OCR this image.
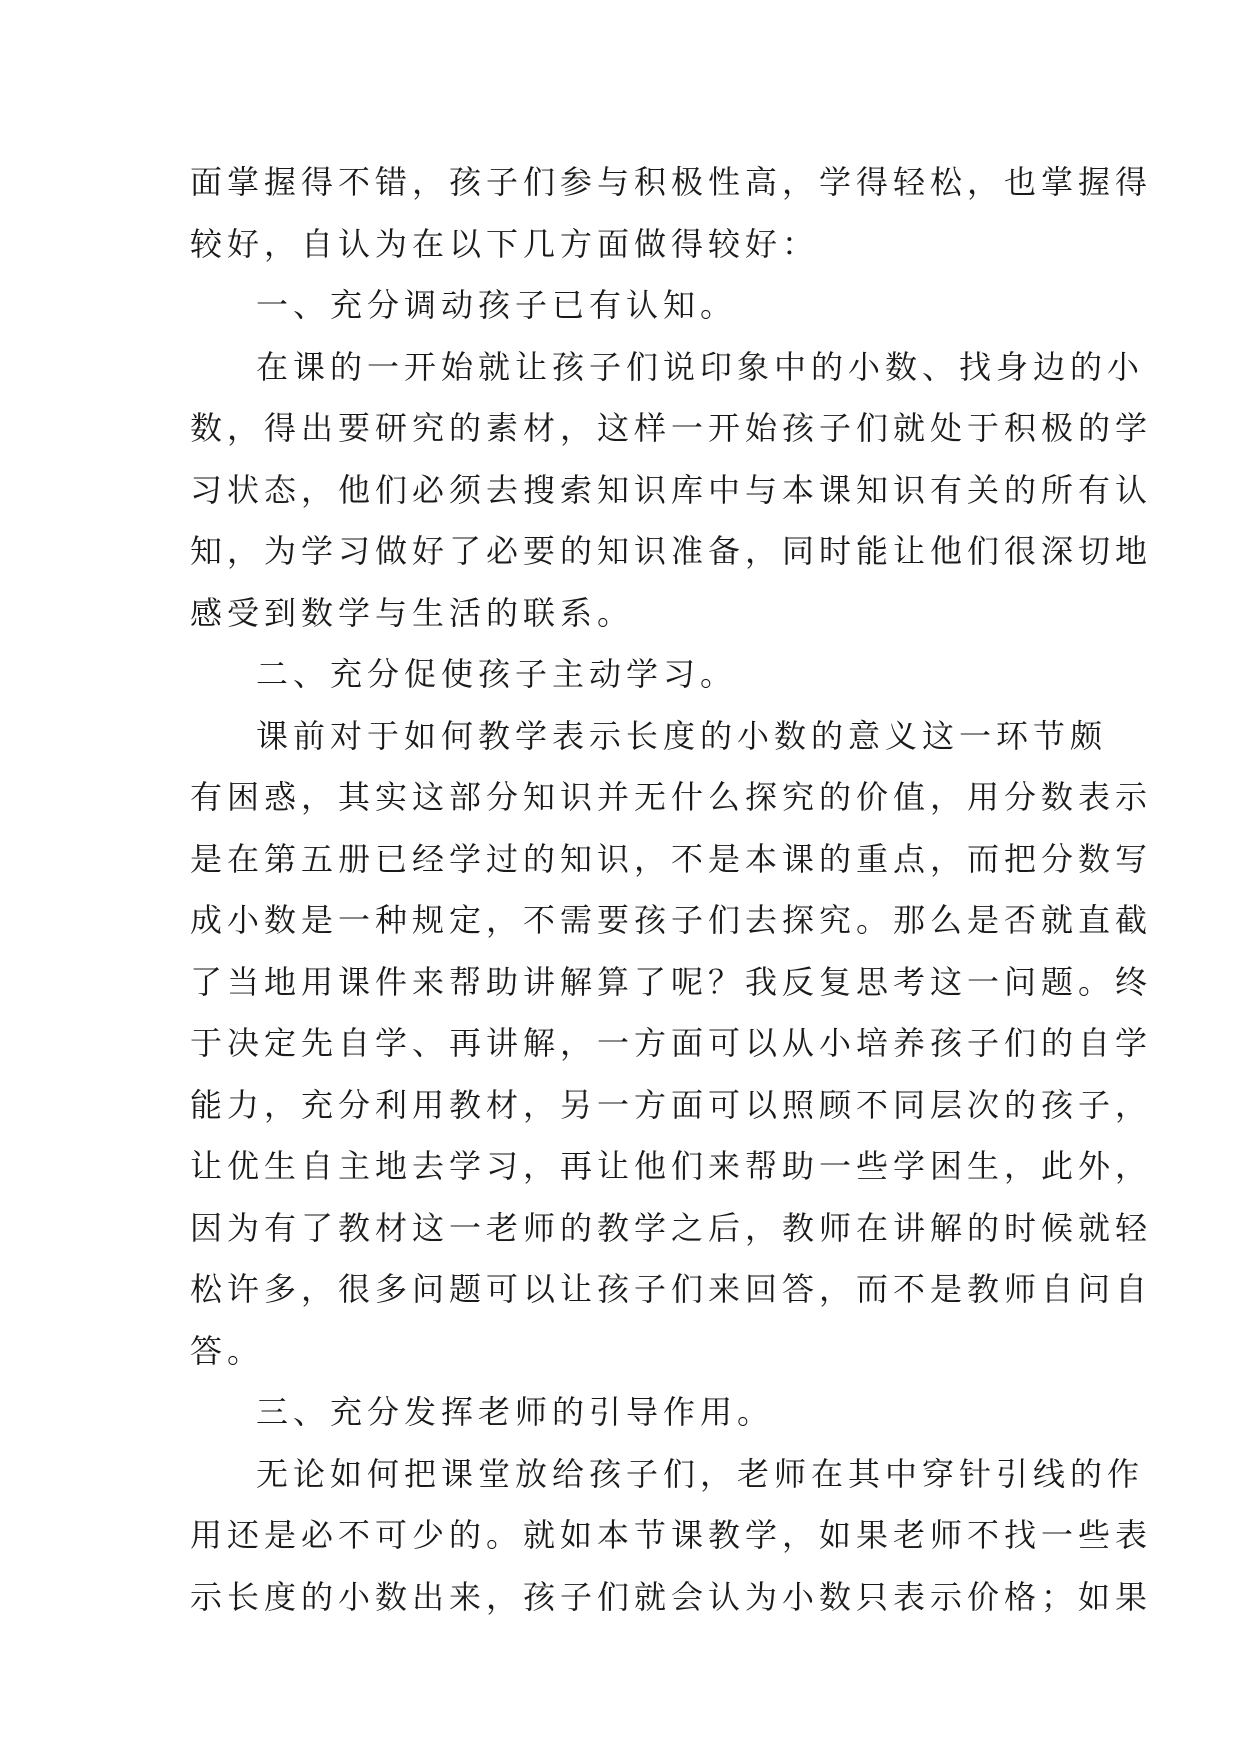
面掌握得不错，孩子们参与积极性高，学得轻松，也掌握得
较好，自认为在以下几方面做得较好：
一、充分调动孩子已有认知。
在课的一开始就让孩子们说印象中的小数、找身边的小
数，得出要研究的素材，这样一开始孩子们就处于积极的学
习状态，他们必须去搜索知识库中与本课知识有关的所有认
知，为学习做好了必要的知识准备，同时能让他们很深切地
感受到数学与生活的联系。
二、充分促使孩子主动学习。
课前对于如何教学表示长度的小数的意义这一环节颇
有困惑，其实这部分知识并无什么探究的价值，用分数表示
是在第五册已经学过的知识，不是本课的重点，而把分数写
成小数是一种规定，不需要孩子们去探究。那么是否就直截
了当地用课件来帮助讲解算了呢？我反复思考这一问题。终
于决定先自学、再讲解，一方面可以从小培养孩子们的自学
能力，充分利用教材，另一方面可以照顾不同层次的孩子，
让优生自主地去学习，再让他们来帮助一些学困生，此外，
因为有了教材这一老师的教学之后，教师在讲解的时候就轻
松许多，很多问题可以让孩子们来回答，而不是教师自问自
答。
三、充分发挥老师的引导作用。
无论如何把课堂放给孩子们，老师在其中穿针引线的作
用还是必不可少的。就如本节课教学，如果老师不找一些表
示长度的小数出来，孩子们就会认为小数只表示价格；如果
